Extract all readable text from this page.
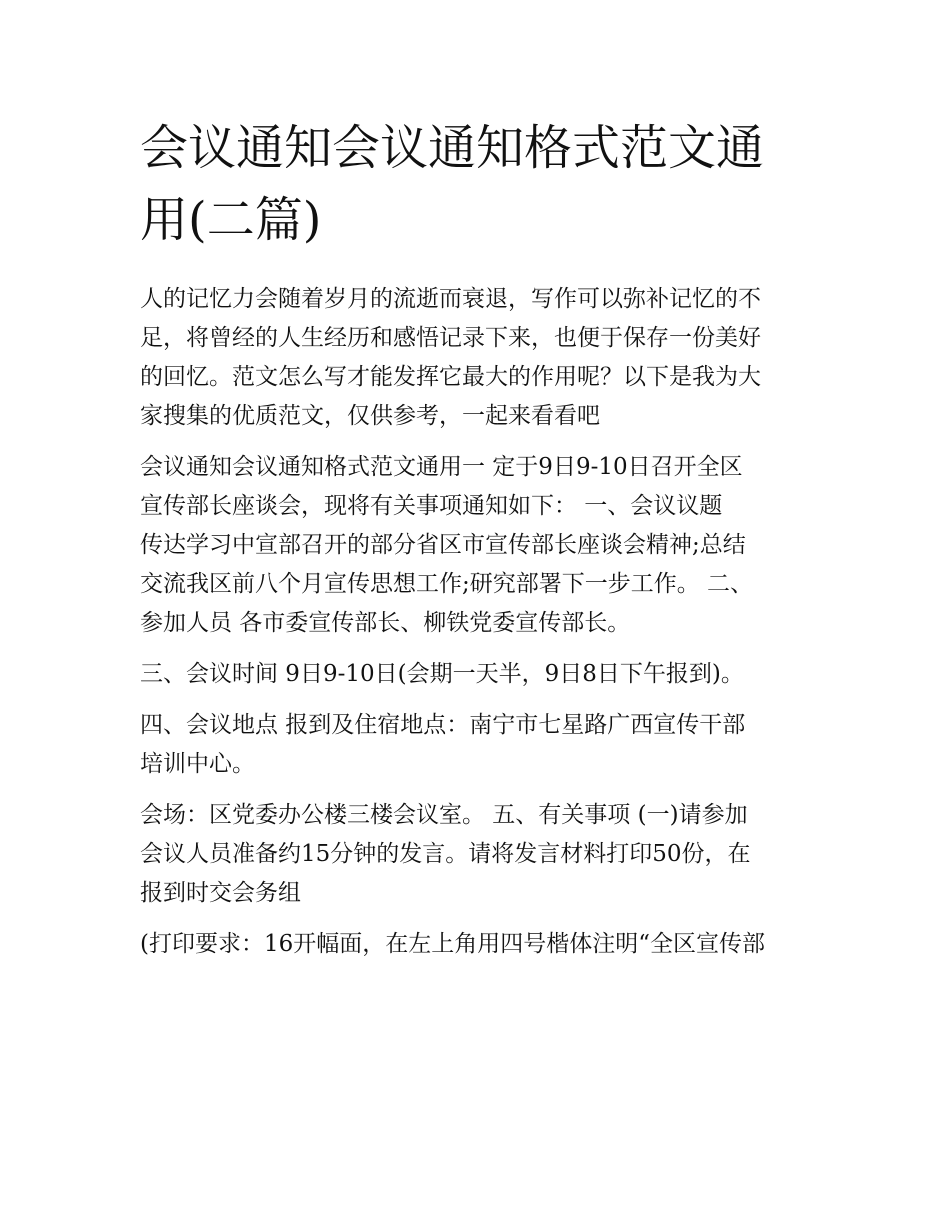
会议通知会议通知格式范文通
用(二篇)

人的记忆力会随着岁月的流逝而衰退，写作可以弥补记忆的不
足，将曾经的人生经历和感悟记录下来，也便于保存一份美好
的回忆。范文怎么写才能发挥它最大的作用呢？以下是我为大
家搜集的优质范文，仅供参考，一起来看看吧

会议通知会议通知格式范文通用一 定于9日9-10日召开全区
宣传部长座谈会，现将有关事项通知如下： 一、会议议题
传达学习中宣部召开的部分省区市宣传部长座谈会精神;总结
交流我区前八个月宣传思想工作;研究部署下一步工作。 二、
参加人员 各市委宣传部长、柳铁党委宣传部长。

三、会议时间 9日9-10日(会期一天半，9日8日下午报到)。

四、会议地点 报到及住宿地点：南宁市七星路广西宣传干部
培训中心。

会场：区党委办公楼三楼会议室。 五、有关事项 (一)请参加
会议人员准备约15分钟的发言。请将发言材料打印50份，在
报到时交会务组

(打印要求：16开幅面，在左上角用四号楷体注明“全区宣传部
